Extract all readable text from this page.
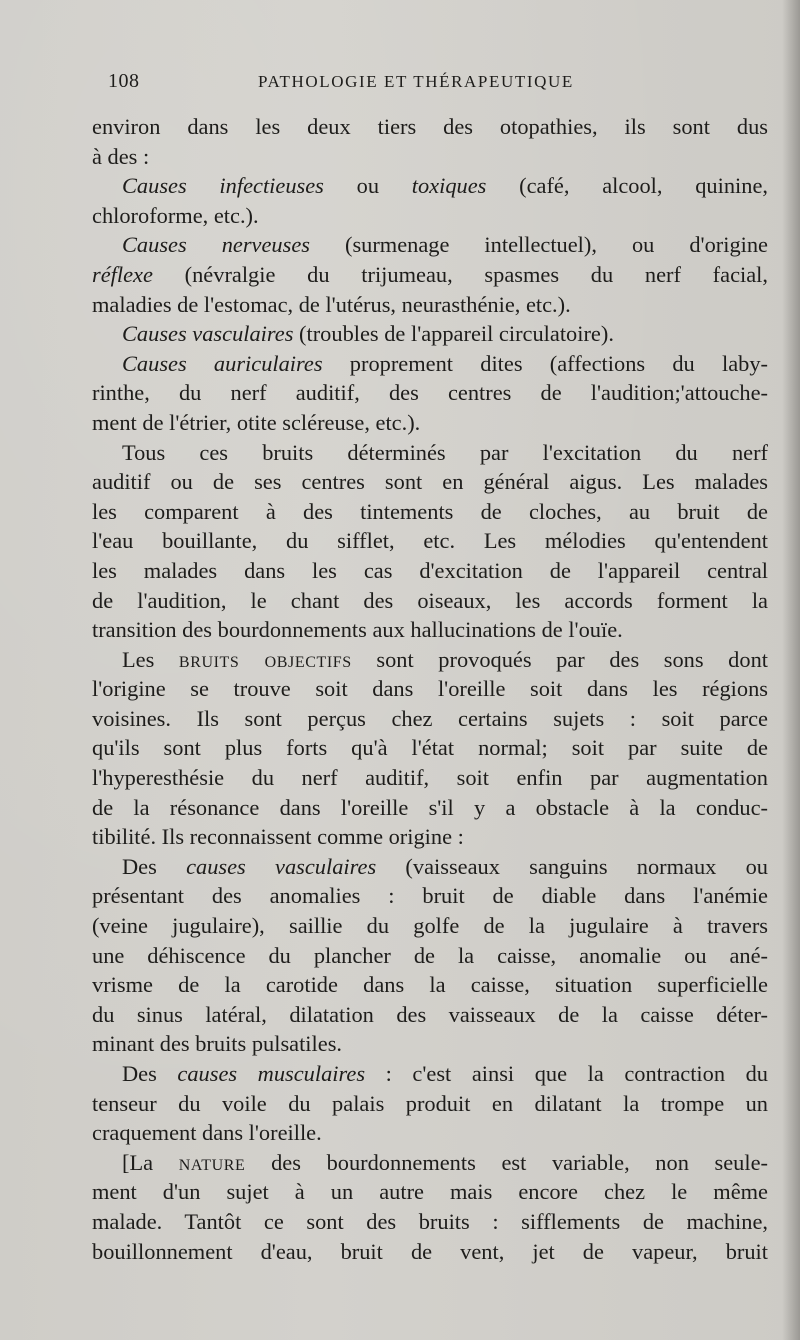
108	PATHOLOGIE ET THÉRAPEUTIQUE
environ dans les deux tiers des otopathies, ils sont dus
à des :
Causes infectieuses ou toxiques (café, alcool, quinine,
chloroforme, etc.).
Causes nerveuses (surmenage intellectuel), ou d'origine
réflexe (névralgie du trijumeau, spasmes du nerf facial,
maladies de l'estomac, de l'utérus, neurasthénie, etc.).
Causes vasculaires (troubles de l'appareil circulatoire).
Causes auriculaires proprement dites (affections du laby-
rinthe, du nerf auditif, des centres de l'audition;'attouche-
ment de l'étrier, otite scléreuse, etc.).
Tous ces bruits déterminés par l'excitation du nerf
auditif ou de ses centres sont en général aigus. Les malades
les comparent à des tintements de cloches, au bruit de
l'eau bouillante, du sifflet, etc. Les mélodies qu'entendent
les malades dans les cas d'excitation de l'appareil central
de l'audition, le chant des oiseaux, les accords forment la
transition des bourdonnements aux hallucinations de l'ouïe.
Les bruits objectifs sont provoqués par des sons dont
l'origine se trouve soit dans l'oreille soit dans les régions
voisines. Ils sont perçus chez certains sujets : soit parce
qu'ils sont plus forts qu'à l'état normal; soit par suite de
l'hyperesthésie du nerf auditif, soit enfin par augmentation
de la résonance dans l'oreille s'il y a obstacle à la conduc-
tibilité. Ils reconnaissent comme origine :
Des causes vasculaires (vaisseaux sanguins normaux ou
présentant des anomalies : bruit de diable dans l'anémie
(veine jugulaire), saillie du golfe de la jugulaire à travers
une déhiscence du plancher de la caisse, anomalie ou ané-
vrisme de la carotide dans la caisse, situation superficielle
du sinus latéral, dilatation des vaisseaux de la caisse déter-
minant des bruits pulsatiles.
Des causes musculaires : c'est ainsi que la contraction du
tenseur du voile du palais produit en dilatant la trompe un
craquement dans l'oreille.
[La nature des bourdonnements est variable, non seule-
ment d'un sujet à un autre mais encore chez le même
malade. Tantôt ce sont des bruits : sifflements de machine,
bouillonnement d'eau, bruit de vent, jet de vapeur, bruit
